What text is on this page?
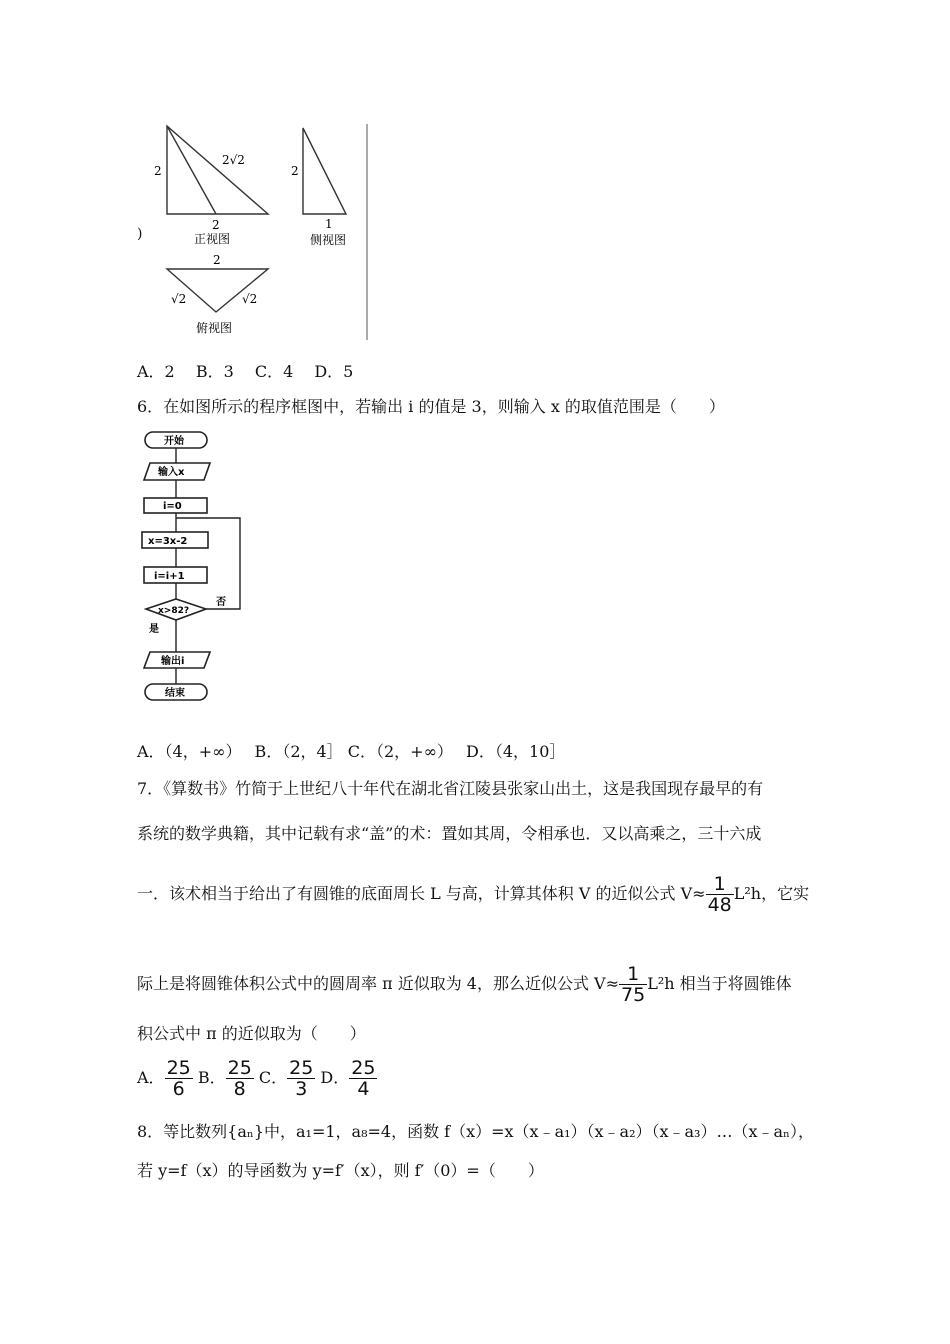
2
2√2
2
正视图
2
1
侧视图
2
√2	√2
俯视图
)
A．2　 B．3　 C．4　 D．5
6．在如图所示的程序框图中，若输出 i 的值是 3，则输入 x 的取值范围是（　　）
开始
输入x
i=0
x=3x-2
i=i+1
x>82?
否
是
输出i
结束
A．（4，+∞）　 B．（2，4］ C．（2，+∞）　 D．（4，10］
7．《算数书》竹简于上世纪八十年代在湖北省江陵县张家山出土，这是我国现存最早的有
系统的数学典籍，其中记载有求“盖”的术：置如其周，令相承也．又以高乘之，三十六成
一．该术相当于给出了有圆锥的底面周长 L 与高，计算其体积 V 的近似公式 $V\approx \frac{1}{48} L^2h$，它实
际上是将圆锥体积公式中的圆周率 π 近似取为 4，那么近似公式 $V\approx \frac{1}{75} L^2h$ 相当于将圆锥体
积公式中 π 的近似取为（　　）
A． $\frac{25}{6}$ B． $\frac{25}{8}$ C． $\frac{25}{3}$ D． $\frac{25}{4}$
8．等比数列{aₙ}中，a₁=1，a₈=4，函数 f（x）=x（x﹣a₁）（x﹣a₂）（x﹣a₃）…（x﹣aₙ），
若 y=f（x）的导函数为 y=f′（x），则 f′（0）=（　　）
